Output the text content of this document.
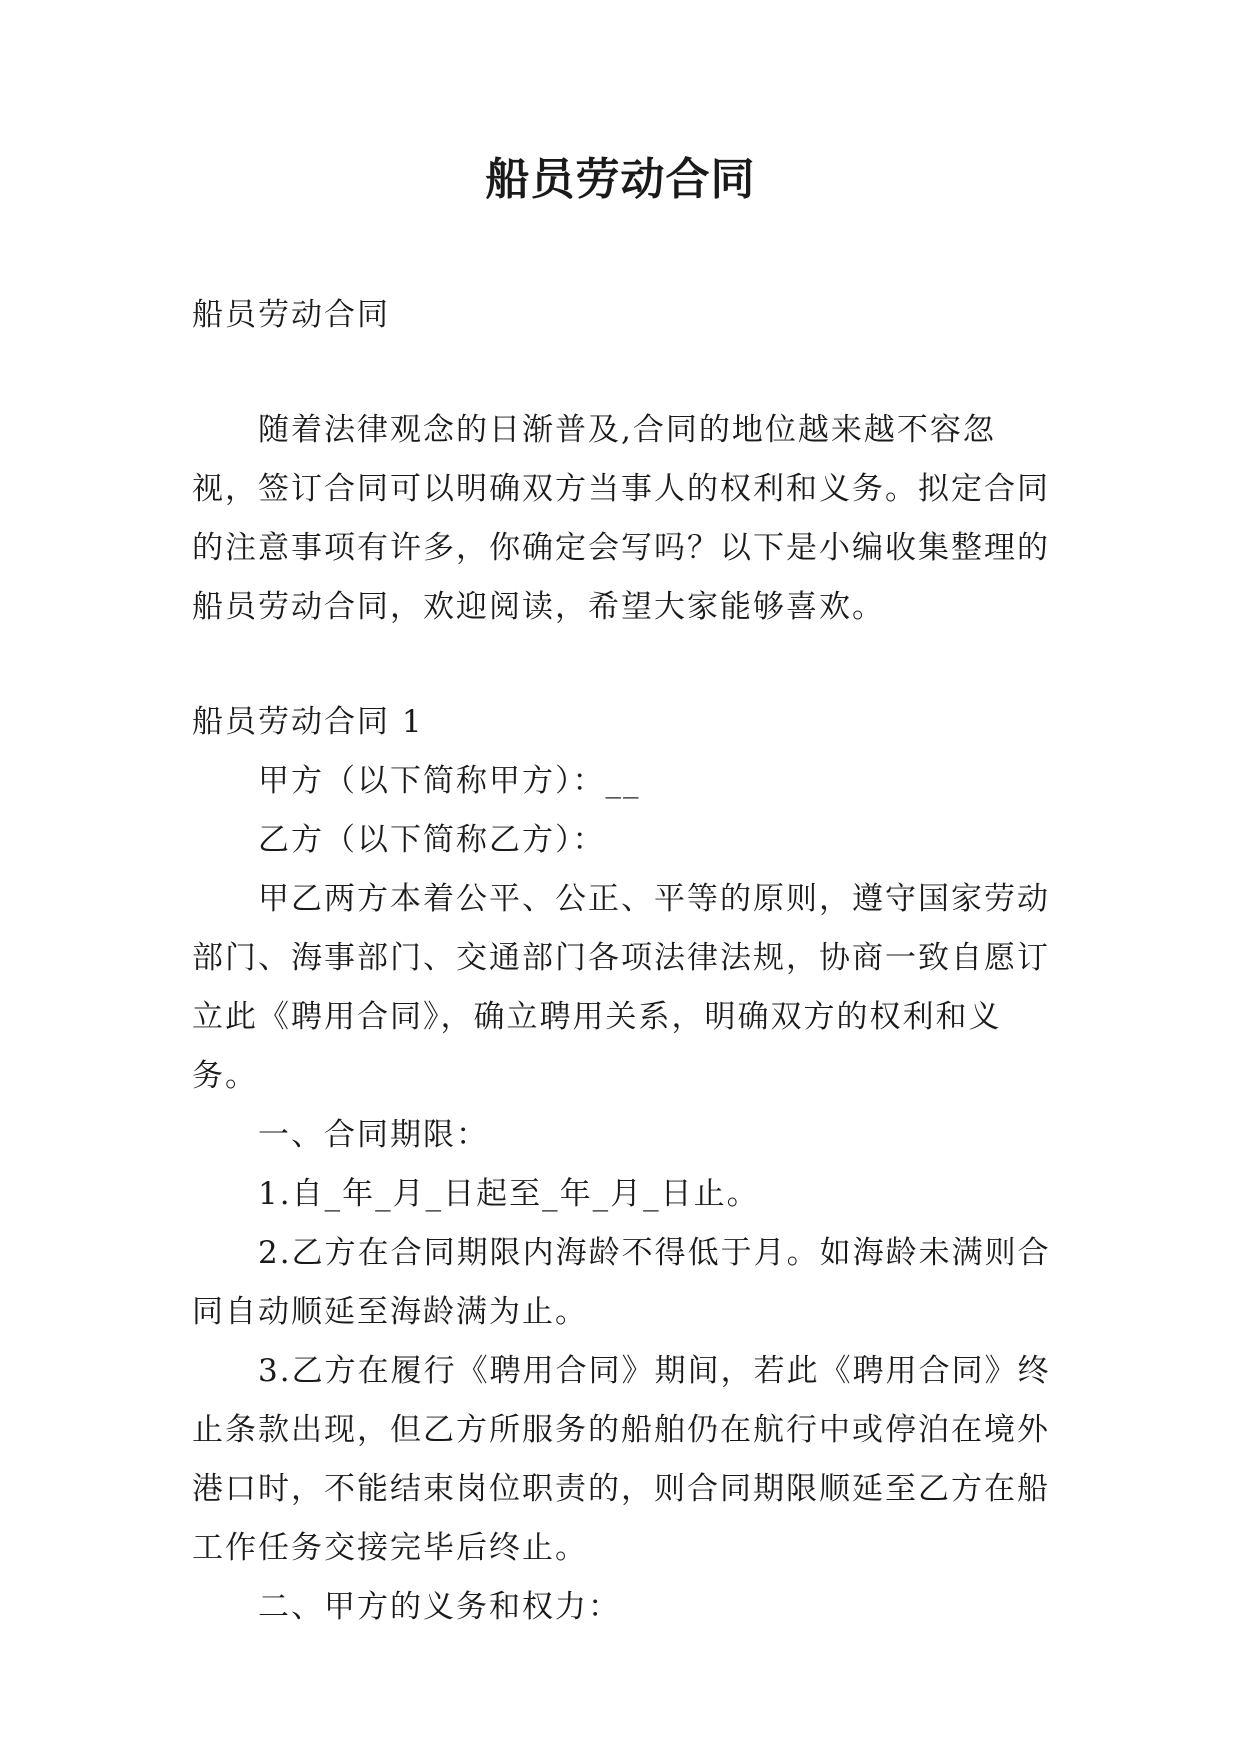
船员劳动合同

船员劳动合同

随着法律观念的日渐普及,合同的地位越来越不容忽视，签订合同可以明确双方当事人的权利和义务。拟定合同的注意事项有许多，你确定会写吗？以下是小编收集整理的船员劳动合同，欢迎阅读，希望大家能够喜欢。

船员劳动合同 1

甲方（以下简称甲方）：__

乙方（以下简称乙方）：

甲乙两方本着公平、公正、平等的原则，遵守国家劳动部门、海事部门、交通部门各项法律法规，协商一致自愿订立此《聘用合同》，确立聘用关系，明确双方的权利和义务。

一、合同期限：

1.自_年_月_日起至_年_月_日止。

2.乙方在合同期限内海龄不得低于月。如海龄未满则合同自动顺延至海龄满为止。

3.乙方在履行《聘用合同》期间，若此《聘用合同》终止条款出现，但乙方所服务的船舶仍在航行中或停泊在境外港口时，不能结束岗位职责的，则合同期限顺延至乙方在船工作任务交接完毕后终止。

二、甲方的义务和权力：
